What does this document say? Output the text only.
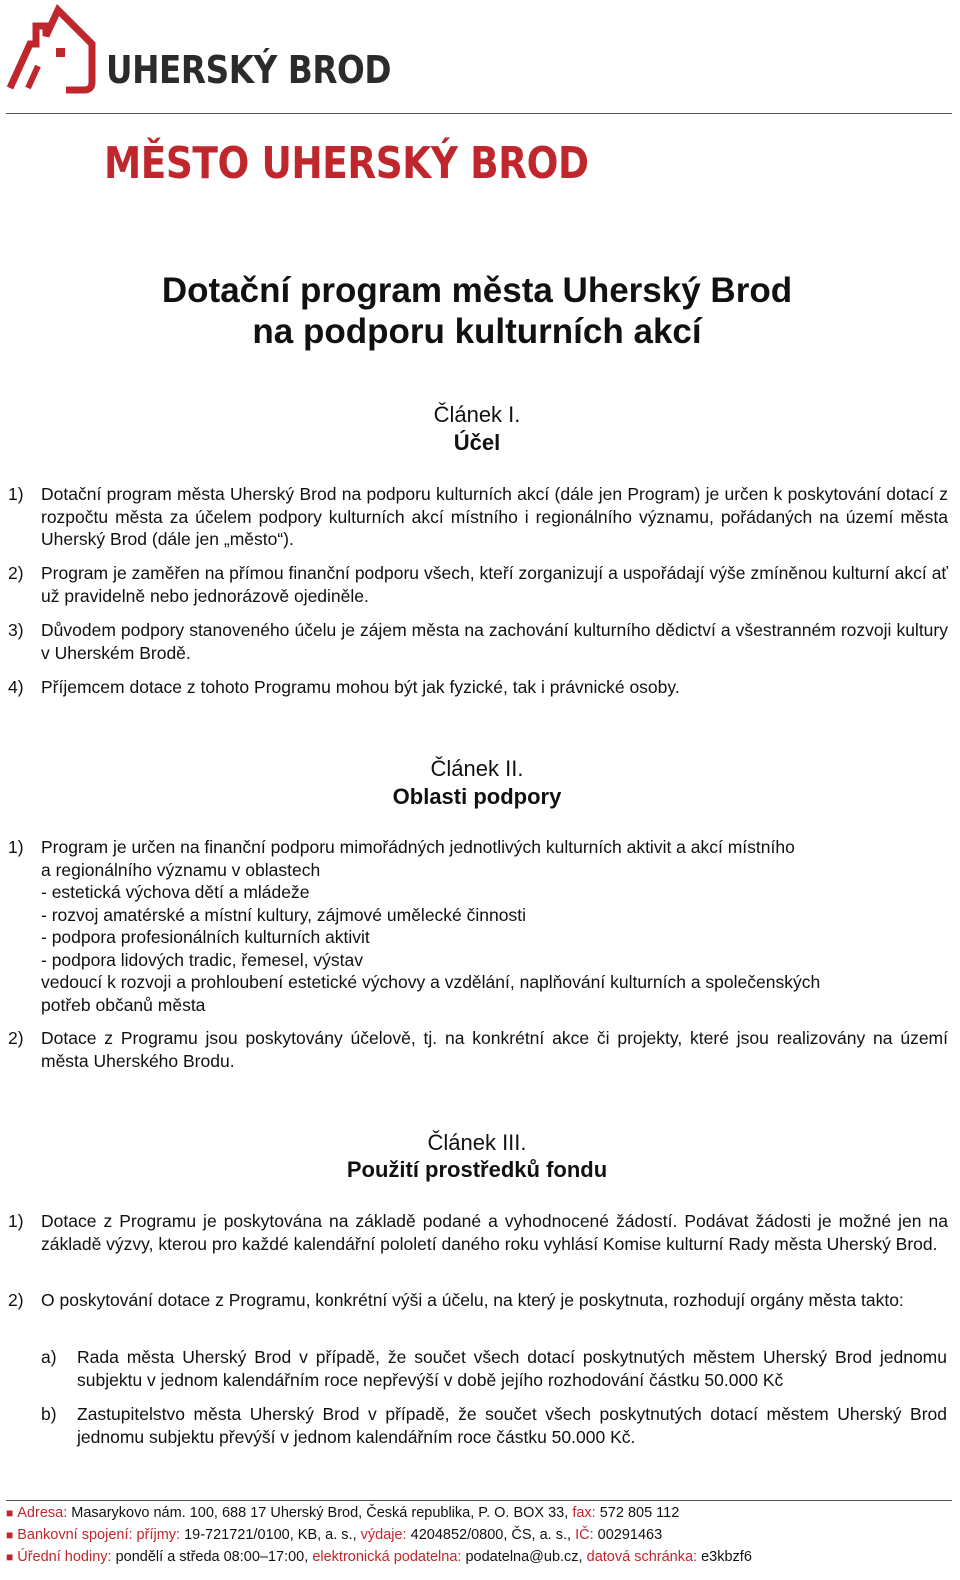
UHERSKÝ BROD
MĚSTO UHERSKÝ BROD
Dotační program města Uherský Brod
na podporu kulturních akcí
Článek I.
Účel
1) Dotační program města Uherský Brod na podporu kulturních akcí (dále jen Program) je určen k poskytování dotací z rozpočtu města za účelem podpory kulturních akcí místního i regionálního významu, pořádaných na území města Uherský Brod (dále jen „město“).
2) Program je zaměřen na přímou finanční podporu všech, kteří zorganizují a uspořádají výše zmíněnou kulturní akcí ať už pravidelně nebo jednorázově ojediněle.
3) Důvodem podpory stanoveného účelu je zájem města na zachování kulturního dědictví a všestranném rozvoji kultury v Uherském Brodě.
4) Příjemcem dotace z tohoto Programu mohou být jak fyzické, tak i právnické osoby.
Článek II.
Oblasti podpory
1) Program je určen na finanční podporu mimořádných jednotlivých kulturních aktivit a akcí místního
a regionálního významu v oblastech
- estetická výchova dětí a mládeže
- rozvoj amatérské a místní kultury, zájmové umělecké činnosti
- podpora profesionálních kulturních aktivit
- podpora lidových tradic, řemesel, výstav
vedoucí k rozvoji a prohloubení estetické výchovy a vzdělání, naplňování kulturních a společenských
potřeb občanů města
2) Dotace z Programu jsou poskytovány účelově, tj. na konkrétní akce či projekty, které jsou realizovány na území města Uherského Brodu.
Článek III.
Použití prostředků fondu
1) Dotace z Programu je poskytována na základě podané a vyhodnocené žádostí. Podávat žádosti je možné jen na základě výzvy, kterou pro každé kalendářní pololetí daného roku vyhlásí Komise kulturní Rady města Uherský Brod.
2) O poskytování dotace z Programu, konkrétní výši a účelu, na který je poskytnuta, rozhodují orgány města takto:
a) Rada města Uherský Brod v případě, že součet všech dotací poskytnutých městem Uherský Brod jednomu subjektu v jednom kalendářním roce nepřevýší v době jejího rozhodování částku 50.000 Kč
b) Zastupitelstvo města Uherský Brod v případě, že součet všech poskytnutých dotací městem Uherský Brod jednomu subjektu převýší v jednom kalendářním roce částku 50.000 Kč.
■ Adresa: Masarykovo nám. 100, 688 17 Uherský Brod, Česká republika, P. O. BOX 33, fax: 572 805 112
■ Bankovní spojení: příjmy: 19-721721/0100, KB, a. s., výdaje: 4204852/0800, ČS, a. s., IČ: 00291463
■ Úřední hodiny: pondělí a středa 08:00–17:00, elektronická podatelna: podatelna@ub.cz, datová schránka: e3kbzf6
